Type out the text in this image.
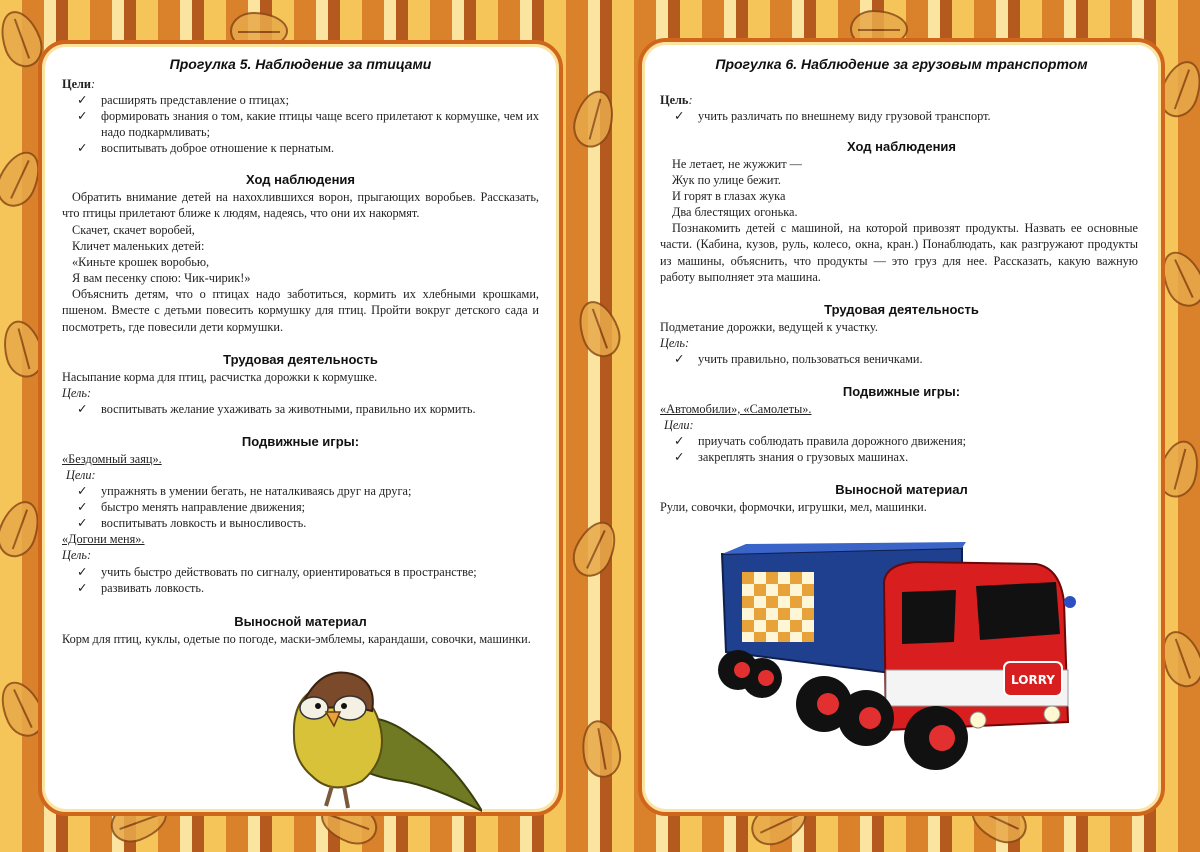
Прогулка 5. Наблюдение за птицами
Цели:
✓ расширять представление о птицах;
✓	формировать знания о том, какие птицы чаще всего прилетают к кормушке, чем их надо подкармливать;
✓ воспитывать доброе отношение к пернатым.
Ход наблюдения
Обратить внимание детей на нахохлившихся ворон, прыгающих воробьев. Рассказать, что птицы прилетают ближе к людям, надеясь, что они их накормят.
Скачет, скачет воробей,
Кличет маленьких детей:
«Киньте крошек воробью,
Я вам песенку спою: Чик-чирик!»
Объяснить детям, что о птицах надо заботиться, кормить их хлебными крошками, пшеном. Вместе с детьми повесить кормушку для птиц. Пройти вокруг детского сада и посмотреть, где повесили дети кормушки.
Трудовая деятельность
Насыпание корма для птиц, расчистка дорожки к кормушке.
Цель:
✓ воспитывать желание ухаживать за животными, правильно их кормить.
Подвижные игры:
«Бездомный заяц».
Цели:
✓ упражнять в умении бегать, не наталкиваясь друг на друга;
✓ быстро менять направление движения;
✓ воспитывать ловкость и выносливость.
«Догони меня».
Цель:
✓ учить быстро действовать по сигналу, ориентироваться в пространстве;
✓ развивать ловкость.
Выносной материал
Корм для птиц, куклы, одетые по погоде, маски-эмблемы, карандаши, совочки, машинки.
Прогулка 6. Наблюдение за грузовым транспортом
Цель:
✓ учить различать по внешнему виду грузовой транспорт.
Ход наблюдения
Не летает, не жужжит —
Жук по улице бежит.
И горят в глазах жука
Два блестящих огонька.
Познакомить детей с машиной, на которой привозят продукты. Назвать ее основные части. (Кабина, кузов, руль, колесо, окна, кран.) Понаблюдать, как разгружают продукты из машины, объяснить, что продукты — это груз для нее. Рассказать, какую важную работу выполняет эта машина.
Трудовая деятельность
Подметание дорожки, ведущей к участку.
Цель:
✓ учить правильно, пользоваться веничками.
Подвижные игры:
«Автомобили», «Самолеты».
Цели:
✓ приучать соблюдать правила дорожного движения;
✓ закреплять знания о грузовых машинах.
Выносной материал
Рули, совочки, формочки, игрушки, мел, машинки.
LORRY
